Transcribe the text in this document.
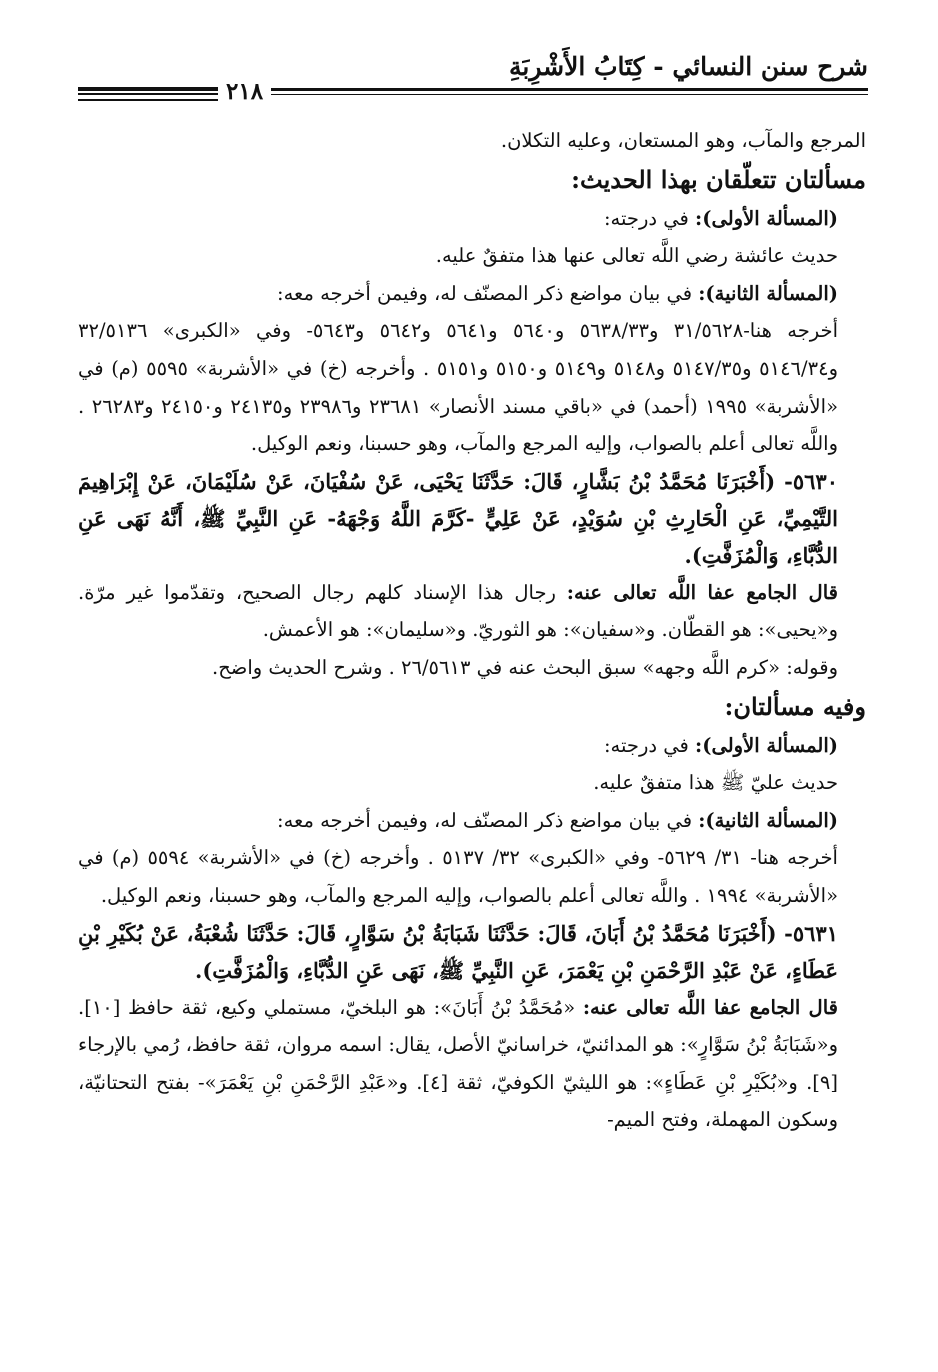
شرح سنن النسائي - كِتَابُ الأَشْرِبَةِ
٢١٨

المرجع والمآب، وهو المستعان، وعليه التكلان.

مسألتان تتعلّقان بهذا الحديث:

(المسألة الأولى): في درجته:

حديث عائشة رضي اللَّه تعالى عنها هذا متفقٌ عليه.

(المسألة الثانية): في بيان مواضع ذكر المصنّف له، وفيمن أخرجه معه:

أخرجه هنا-٣١/٥٦٢٨ و٥٦٣٨/٣٣ و٥٦٤٠ و٥٦٤١ و٥٦٤٢ و٥٦٤٣- وفي «الكبرى» ٣٢/٥١٣٦ و٥١٤٦/٣٤ و٥١٤٧/٣٥ و٥١٤٨ و٥١٤٩ و٥١٥٠ و٥١٥١ . وأخرجه (خ) في «الأشربة» ٥٥٩٥ (م) في «الأشربة» ١٩٩٥ (أحمد) في «باقي مسند الأنصار» ٢٣٦٨١ و٢٣٩٨٦ و٢٤١٣٥ و٢٤١٥٠ و٢٦٢٨٣ . واللَّه تعالى أعلم بالصواب، وإليه المرجع والمآب، وهو حسبنا، ونعم الوكيل.

٥٦٣٠- (أَخْبَرَنَا مُحَمَّدُ بْنُ بَشَّارٍ، قَالَ: حَدَّثَنَا يَحْيَى، عَنْ سُفْيَانَ، عَنْ سُلَيْمَانَ، عَنْ إِبْرَاهِيمَ التَّيْمِيِّ، عَنِ الْحَارِثِ بْنِ سُوَيْدٍ، عَنْ عَلِيٍّ -كَرَّمَ اللَّهُ وَجْهَهُ- عَنِ النَّبِيِّ ﷺ، أَنَّهُ نَهَى عَنِ الدُّبَّاءِ، وَالْمُزَفَّتِ).

قال الجامع عفا اللَّه تعالى عنه: رجال هذا الإسناد كلهم رجال الصحيح، وتقدّموا غير مرّة. و«يحيى»: هو القطّان. و«سفيان»: هو الثوريّ. و«سليمان»: هو الأعمش.

وقوله: «كرم اللَّه وجهه» سبق البحث عنه في ٢٦/٥٦١٣ . وشرح الحديث واضح.

وفيه مسألتان:

(المسألة الأولى): في درجته:

حديث عليّ ﷺ هذا متفقٌ عليه.

(المسألة الثانية): في بيان مواضع ذكر المصنّف له، وفيمن أخرجه معه:

أخرجه هنا- ٣١/ ٥٦٢٩- وفي «الكبرى» ٣٢/ ٥١٣٧ . وأخرجه (خ) في «الأشربة» ٥٥٩٤ (م) في «الأشربة» ١٩٩٤ . واللَّه تعالى أعلم بالصواب، وإليه المرجع والمآب، وهو حسبنا، ونعم الوكيل.

٥٦٣١- (أَخْبَرَنَا مُحَمَّدُ بْنُ أَبَانَ، قَالَ: حَدَّثَنَا شَبَابَةُ بْنُ سَوَّارٍ، قَالَ: حَدَّثَنَا شُعْبَةُ، عَنْ بُكَيْرِ بْنِ عَطَاءٍ، عَنْ عَبْدِ الرَّحْمَنِ بْنِ يَعْمَرَ، عَنِ النَّبِيِّ ﷺ، نَهَى عَنِ الدُّبَّاءِ، وَالْمُزَفَّتِ).

قال الجامع عفا اللَّه تعالى عنه: «مُحَمَّدُ بْنُ أَبَانَ»: هو البلخيّ، مستملي وكيع، ثقة حافظ [١٠]. و«شَبَابَةُ بْنُ سَوَّارٍ»: هو المدائنيّ، خراسانيّ الأصل، يقال: اسمه مروان، ثقة حافظ، رُمي بالإرجاء [٩]. و«بُكَيْرِ بْنِ عَطَاءٍ»: هو الليثيّ الكوفيّ، ثقة [٤]. و«عَبْدِ الرَّحْمَنِ بْنِ يَعْمَرَ»- بفتح التحتانيّة، وسكون المهملة، وفتح الميم-
